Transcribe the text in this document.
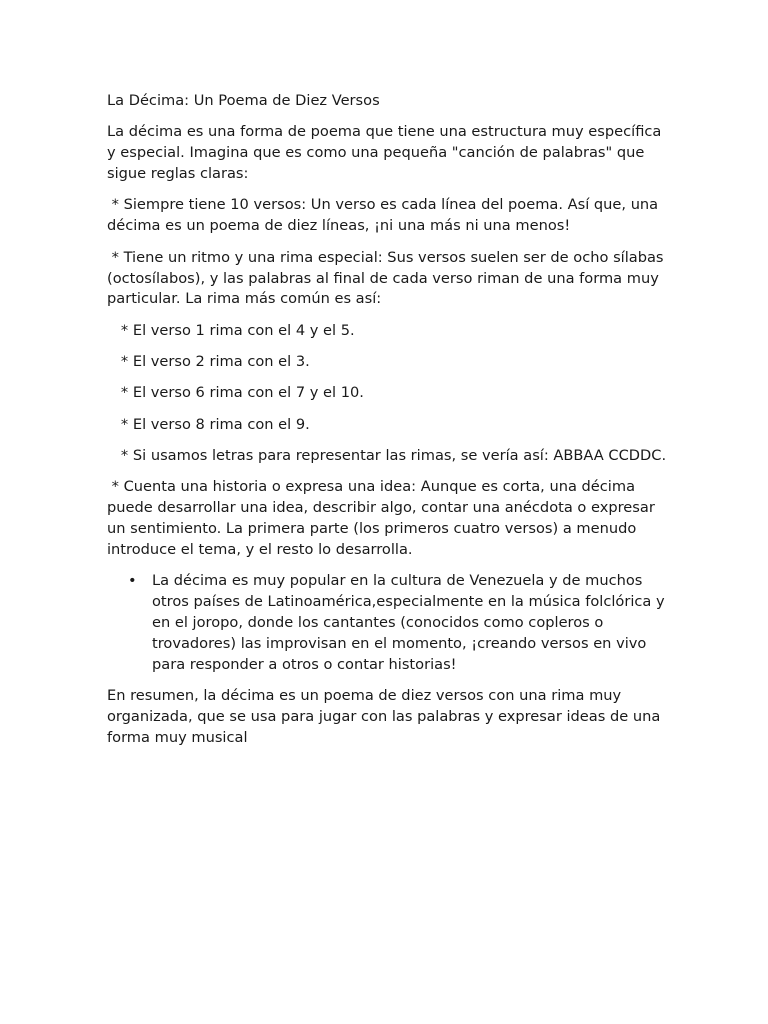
La Décima: Un Poema de Diez Versos

La décima es una forma de poema que tiene una estructura muy específica y especial. Imagina que es como una pequeña "canción de palabras" que sigue reglas claras:

* Siempre tiene 10 versos: Un verso es cada línea del poema. Así que, una décima es un poema de diez líneas, ¡ni una más ni una menos!

* Tiene un ritmo y una rima especial: Sus versos suelen ser de ocho sílabas (octosílabos), y las palabras al final de cada verso riman de una forma muy particular. La rima más común es así:

* El verso 1 rima con el 4 y el 5.

* El verso 2 rima con el 3.

* El verso 6 rima con el 7 y el 10.

* El verso 8 rima con el 9.

* Si usamos letras para representar las rimas, se vería así: ABBAA CCDDC.

* Cuenta una historia o expresa una idea: Aunque es corta, una décima puede desarrollar una idea, describir algo, contar una anécdota o expresar un sentimiento. La primera parte (los primeros cuatro versos) a menudo introduce el tema, y el resto lo desarrolla.

• La décima es muy popular en la cultura de Venezuela y de muchos otros países de Latinoamérica,especialmente en la música folclórica y en el joropo, donde los cantantes (conocidos como copleros o trovadores) las improvisan en el momento, ¡creando versos en vivo para responder a otros o contar historias!

En resumen, la décima es un poema de diez versos con una rima muy organizada, que se usa para jugar con las palabras y expresar ideas de una forma muy musical
